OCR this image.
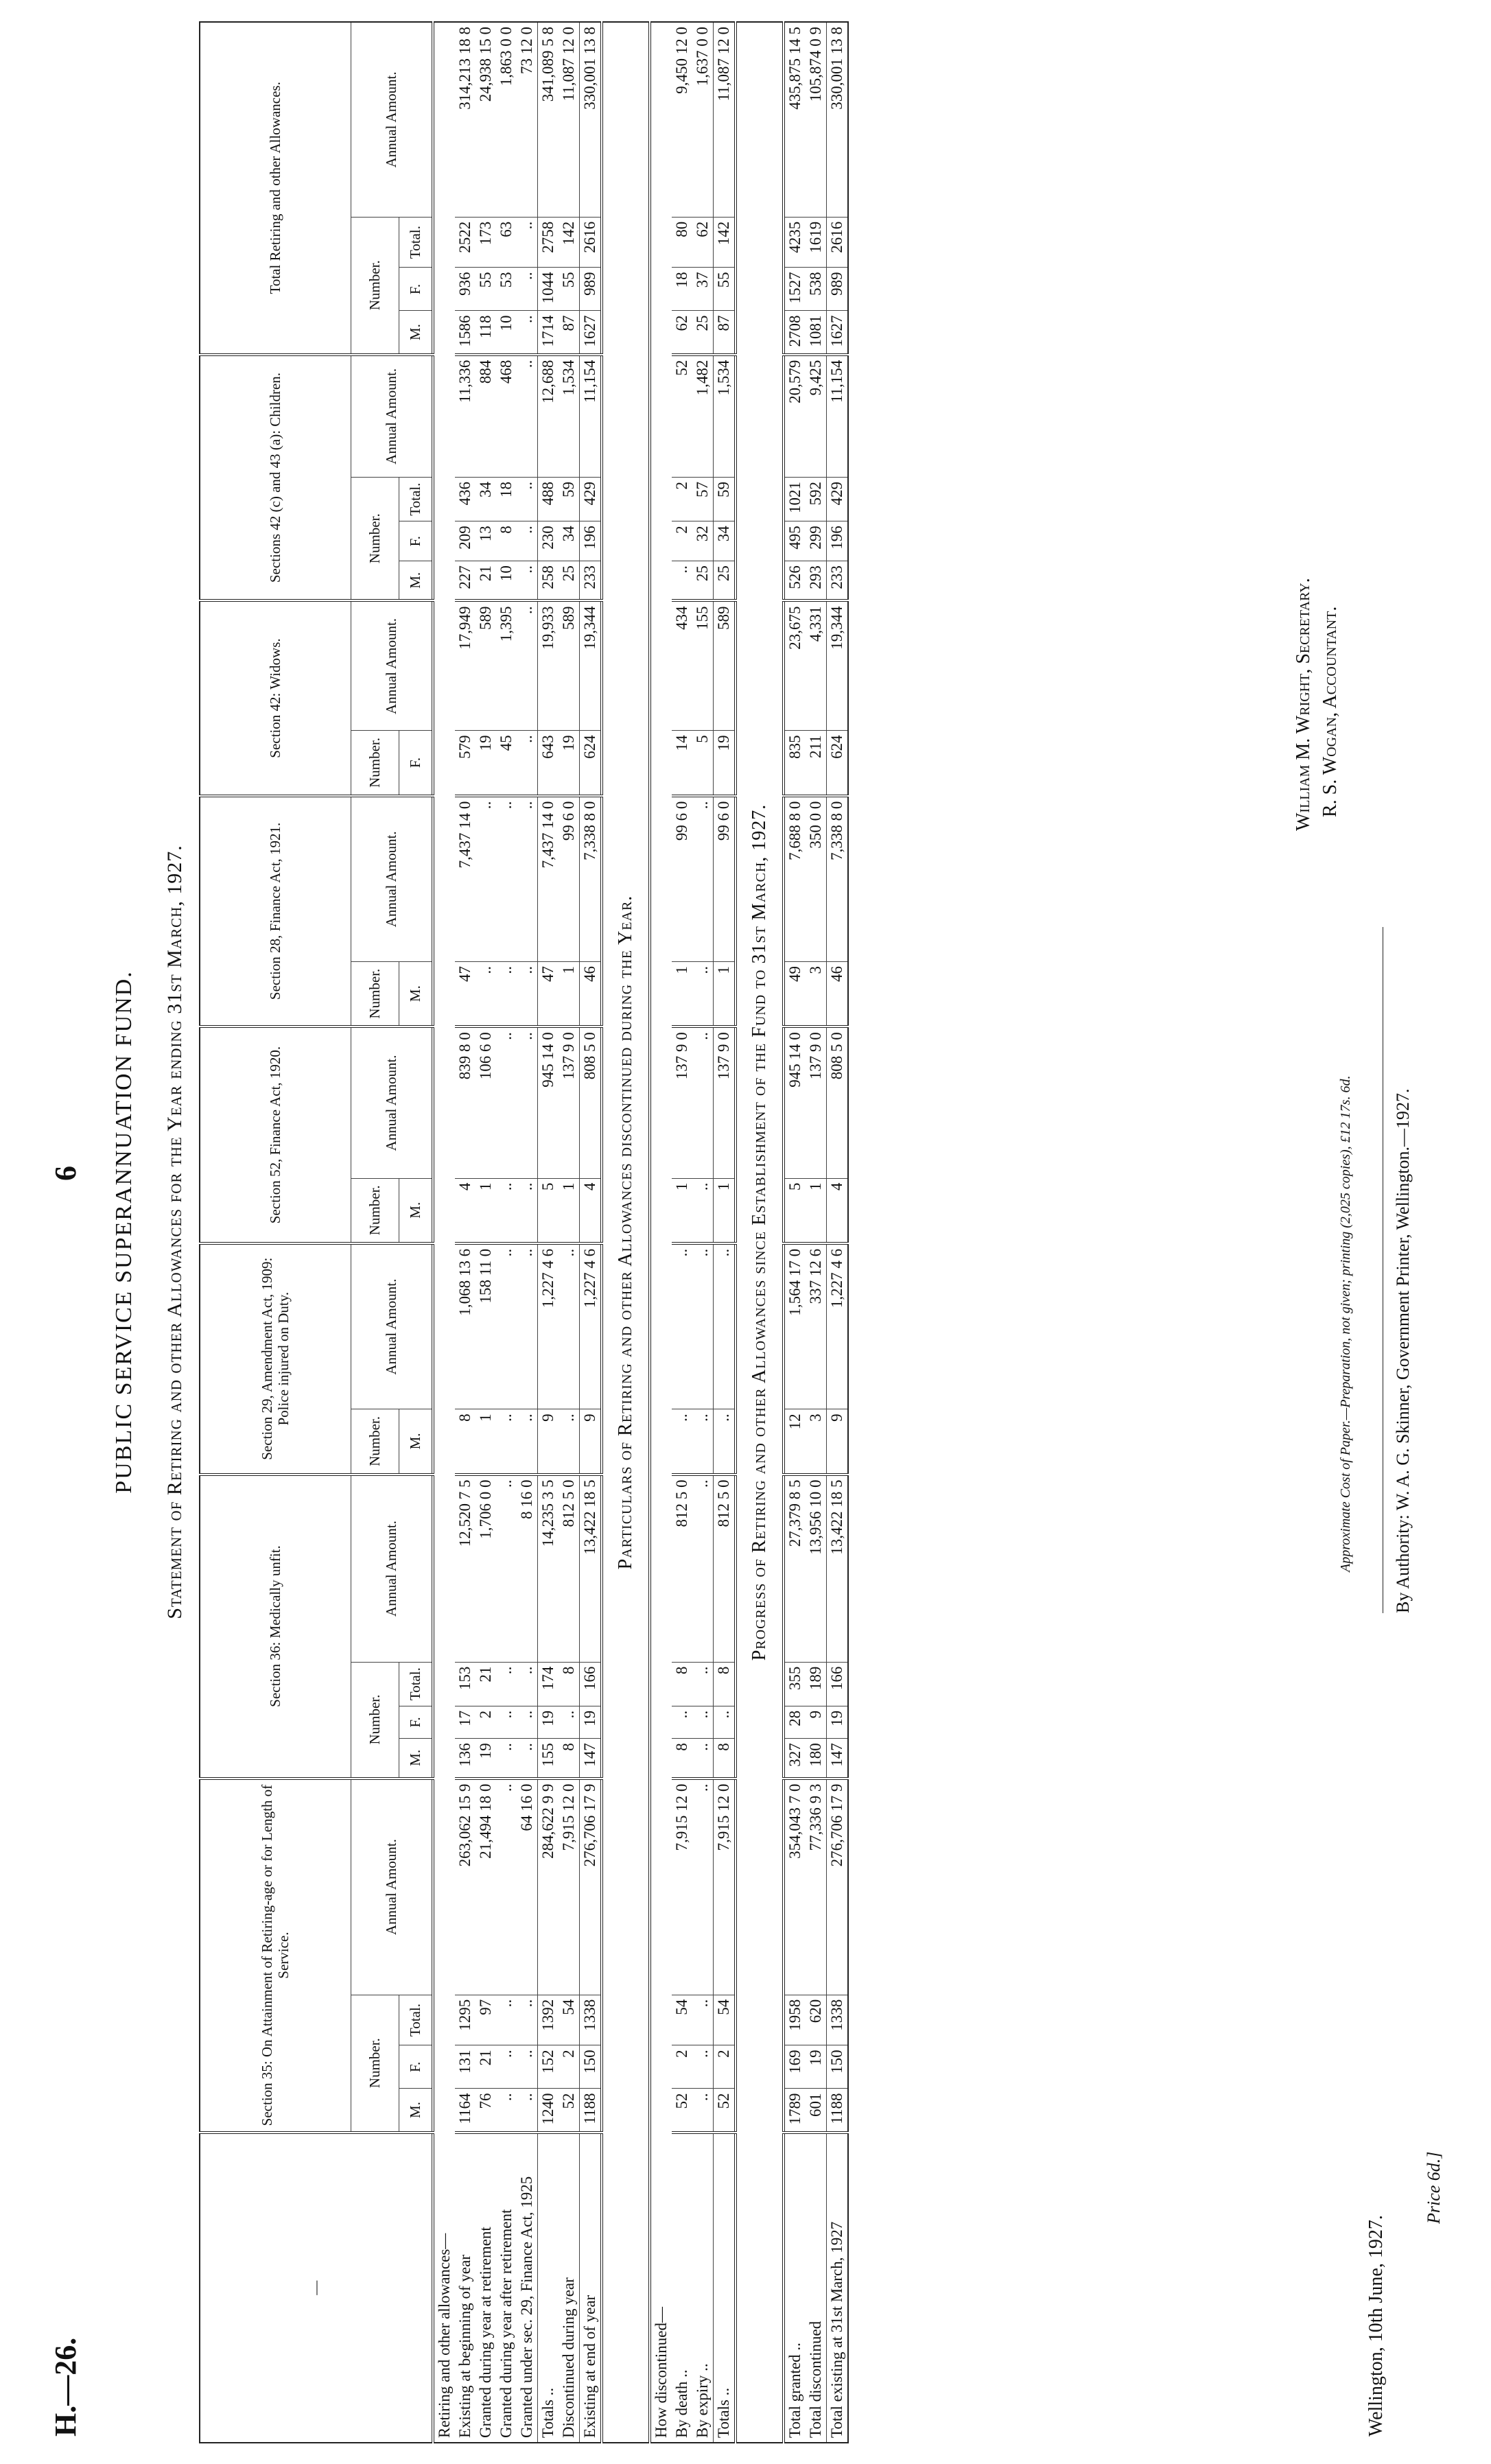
H.—26.
6 PUBLIC SERVICE SUPERANNUATION FUND. Statement of Retiring and other Allowances for the Year ending 31st March, 1927.
—	Section 35: On Attainment of Retiring-age or for Length of Service.				Section 36: Medically unfit.				Section 29, Amendment Act, 1909: Police injured on Duty.		Section 52, Finance Act, 1920.		Section 28, Finance Act, 1921.		Section 42: Widows.		Sections 42 (c) and 43 (a): Children.				Total Retiring and other Allowances.			
	Number.			Annual Amount.	Number.			Annual Amount.	Number.	Annual Amount.	Number.	Annual Amount.	Number.	Annual Amount.	Number.	Annual Amount.	Number.			Annual Amount.	Number.			Annual Amount.
	M.	F.	Total.		M.	F.	Total.		M.		M.		M.		F.		M.	F.	Total.		M.	F.	Total.	
Retiring and other allowances—																								
Existing at beginning of year	1164	131	1295	263,062 15 9	136	17	153	12,520 7 5	8	1,068 13 6	4	839 8 0	47	7,437 14 0	579	17,949	227	209	436	11,336	1586	936	2522	314,213 18 8
Granted during year at retirement	76	21	97	21,494 18 0	19	2	21	1,706 0 0	1	158 11 0	1	106 6 0	..	..	19	589	21	13	34	884	118	55	173	24,938 15 0
Granted during year after retirement	..	..	..	..	..	..	..	..	..	..	..	..	..	..	45	1,395	10	8	18	468	10	53	63	1,863 0 0
Granted under sec. 29, Finance Act, 1925	..	..	..	64 16 0	..	..	..	8 16 0	..	..	..	..	..	..	..	..	..	..	..	..	..	..	..	73 12 0
Totals ..	1240	152	1392	284,622 9 9	155	19	174	14,235 3 5	9	1,227 4 6	5	945 14 0	47	7,437 14 0	643	19,933	258	230	488	12,688	1714	1044	2758	341,089 5 8
Discontinued during year	52	2	54	7,915 12 0	8	..	8	812 5 0	..	..	1	137 9 0	1	99 6 0	19	589	25	34	59	1,534	87	55	142	11,087 12 0
Existing at end of year	1188	150	1338	276,706 17 9	147	19	166	13,422 18 5	9	1,227 4 6	4	808 5 0	46	7,338 8 0	624	19,344	233	196	429	11,154	1627	989	2616	330,001 13 8
Particulars of Retiring and other Allowances discontinued during the Year.																								
How discontinued—																								
By death ..	52	2	54	7,915 12 0	8	..	8	812 5 0	..	..	1	137 9 0	1	99 6 0	14	434	..	2	2	52	62	18	80	9,450 12 0
By expiry ..	..	..	..	..	..	..	..	..	..	..	..	..	..	..	5	155	25	32	57	1,482	25	37	62	1,637 0 0
Totals ..	52	2	54	7,915 12 0	8	..	8	812 5 0	..	..	1	137 9 0	1	99 6 0	19	589	25	34	59	1,534	87	55	142	11,087 12 0
Progress of Retiring and other Allowances since Establishment of the Fund to 31st March, 1927.																								
Total granted ..	1789	169	1958	354,043 7 0	327	28	355	27,379 8 5	12	1,564 17 0	5	945 14 0	49	7,688 8 0	835	23,675	526	495	1021	20,579	2708	1527	4235	435,875 14 5
Total discontinued	601	19	620	77,336 9 3	180	9	189	13,956 10 0	3	337 12 6	1	137 9 0	3	350 0 0	211	4,331	293	299	592	9,425	1081	538	1619	105,874 0 9
Total existing at 31st March, 1927	1188	150	1338	276,706 17 9	147	19	166	13,422 18 5	9	1,227 4 6	4	808 5 0	46	7,338 8 0	624	19,344	233	196	429	11,154	1627	989	2616	330,001 13 8
William M. Wright, Secretary. R. S. Wogan, Accountant.
Wellington, 10th June, 1927.
Approximate Cost of Paper.—Preparation, not given; printing (2,025 copies), £12 17s. 6d. By Authority: W. A. G. Skinner, Government Printer, Wellington.—1927.
Price 6d.]
